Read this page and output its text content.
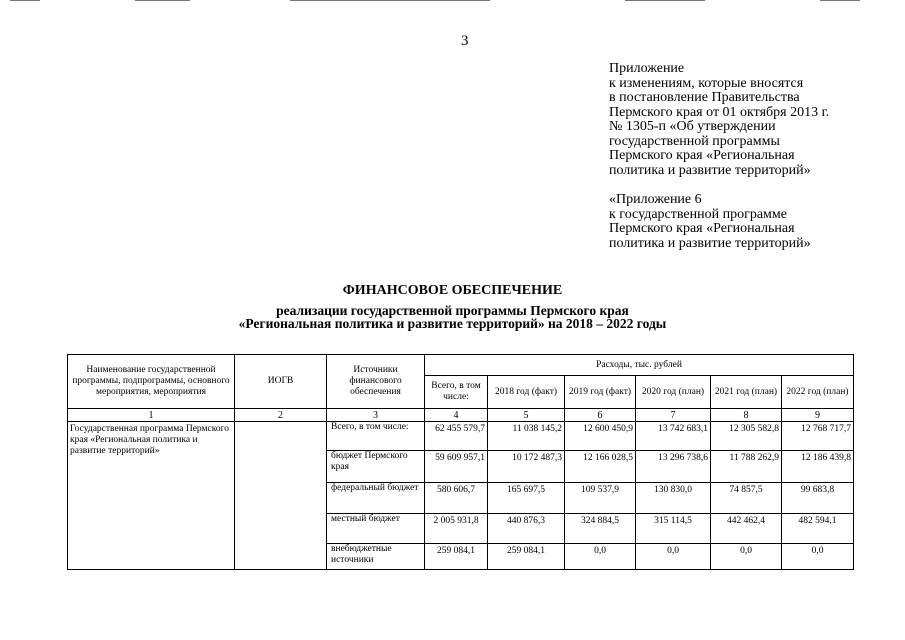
3
Приложение
к изменениям, которые вносятся
в постановление Правительства
Пермского края от 01 октября 2013 г.
№ 1305-п «Об утверждении
государственной программы
Пермского края «Региональная
политика и развитие территорий»
«Приложение 6
к государственной программе
Пермского края «Региональная
политика и развитие территорий»
ФИНАНСОВОЕ ОБЕСПЕЧЕНИЕ
реализации государственной программы Пермского края
«Региональная политика и развитие территорий» на 2018 – 2022 годы
Наименование государственной программы, подпрограммы, основного мероприятия, мероприятия	ИОГВ	Источники финансового обеспечения	Расходы, тыс. рублей					
			Всего, в том числе:	2018 год (факт)	2019 год (факт)	2020 год (план)	2021 год (план)	2022 год (план)
1	2	3	4	5	6	7	8	9
Государственная программа Пермского края «Региональная политика и развитие территорий»		Всего, в том числе:	62 455 579,7	11 038 145,2	12 600 450,9	13 742 683,1	12 305 582,8	12 768 717,7
		бюджет Пермского края	59 609 957,1	10 172 487,3	12 166 028,5	13 296 738,6	11 788 262,9	12 186 439,8
		федеральный бюджет	580 606,7	165 697,5	109 537,9	130 830,0	74 857,5	99 683,8
		местный бюджет	2 005 931,8	440 876,3	324 884,5	315 114,5	442 462,4	482 594,1
		внебюджетные источники	259 084,1	259 084,1	0,0	0,0	0,0	0,0
